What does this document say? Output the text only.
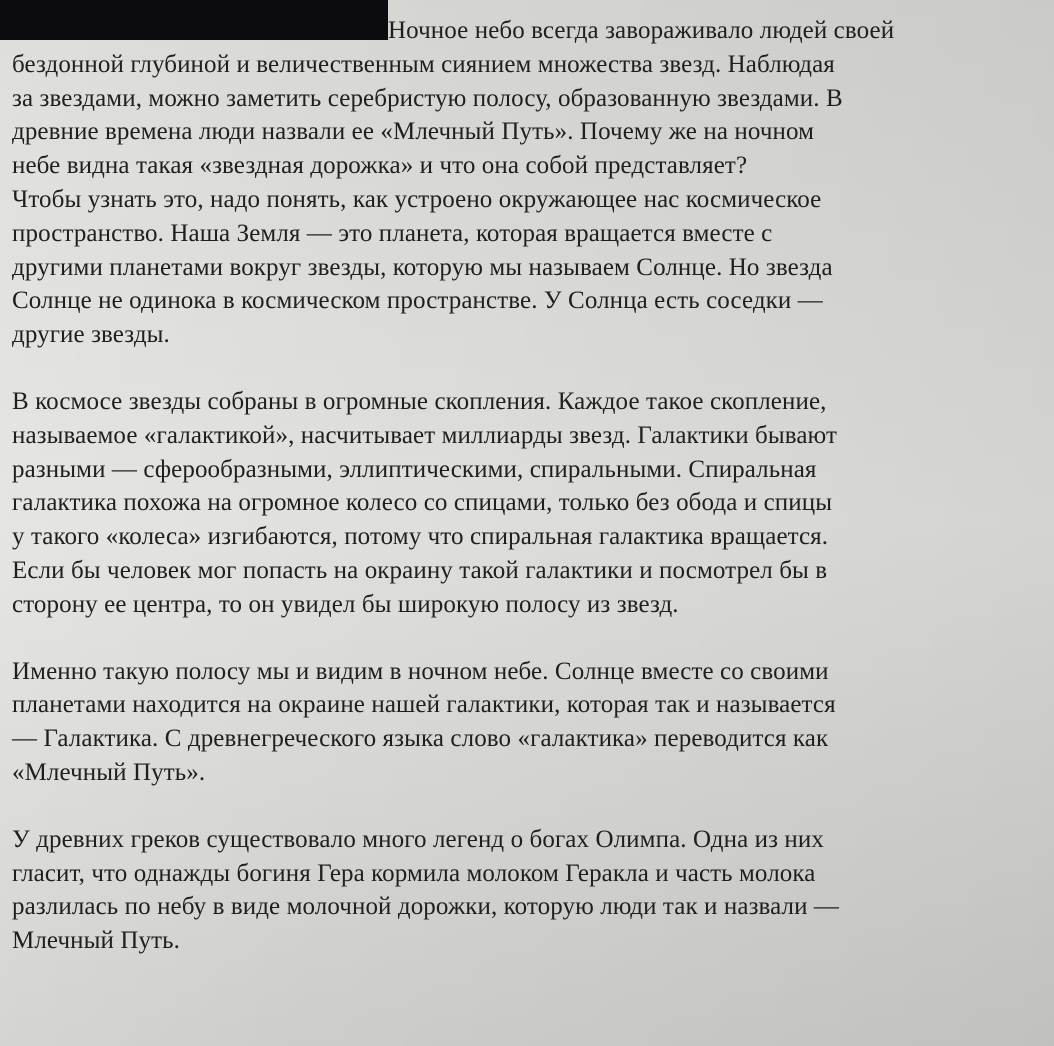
Ночное небо всегда завораживало людей своей
бездонной глубиной и величественным сиянием множества звезд. Наблюдая
за звездами, можно заметить серебристую полосу, образованную звездами. В
древние времена люди назвали ее «Млечный Путь». Почему же на ночном
небе видна такая «звездная дорожка» и что она собой представляет?
Чтобы узнать это, надо понять, как устроено окружающее нас космическое
пространство. Наша Земля — это планета, которая вращается вместе с
другими планетами вокруг звезды, которую мы называем Солнце. Но звезда
Солнце не одинока в космическом пространстве. У Солнца есть соседки —
другие звезды.

В космосе звезды собраны в огромные скопления. Каждое такое скопление,
называемое «галактикой», насчитывает миллиарды звезд. Галактики бывают
разными — сферообразными, эллиптическими, спиральными. Спиральная
галактика похожа на огромное колесо со спицами, только без обода и спицы
у такого «колеса» изгибаются, потому что спиральная галактика вращается.
Если бы человек мог попасть на окраину такой галактики и посмотрел бы в
сторону ее центра, то он увидел бы широкую полосу из звезд.

Именно такую полосу мы и видим в ночном небе. Солнце вместе со своими
планетами находится на окраине нашей галактики, которая так и называется
— Галактика. С древнегреческого языка слово «галактика» переводится как
«Млечный Путь».

У древних греков существовало много легенд о богах Олимпа. Одна из них
гласит, что однажды богиня Гера кормила молоком Геракла и часть молока
разлилась по небу в виде молочной дорожки, которую люди так и назвали —
Млечный Путь.
